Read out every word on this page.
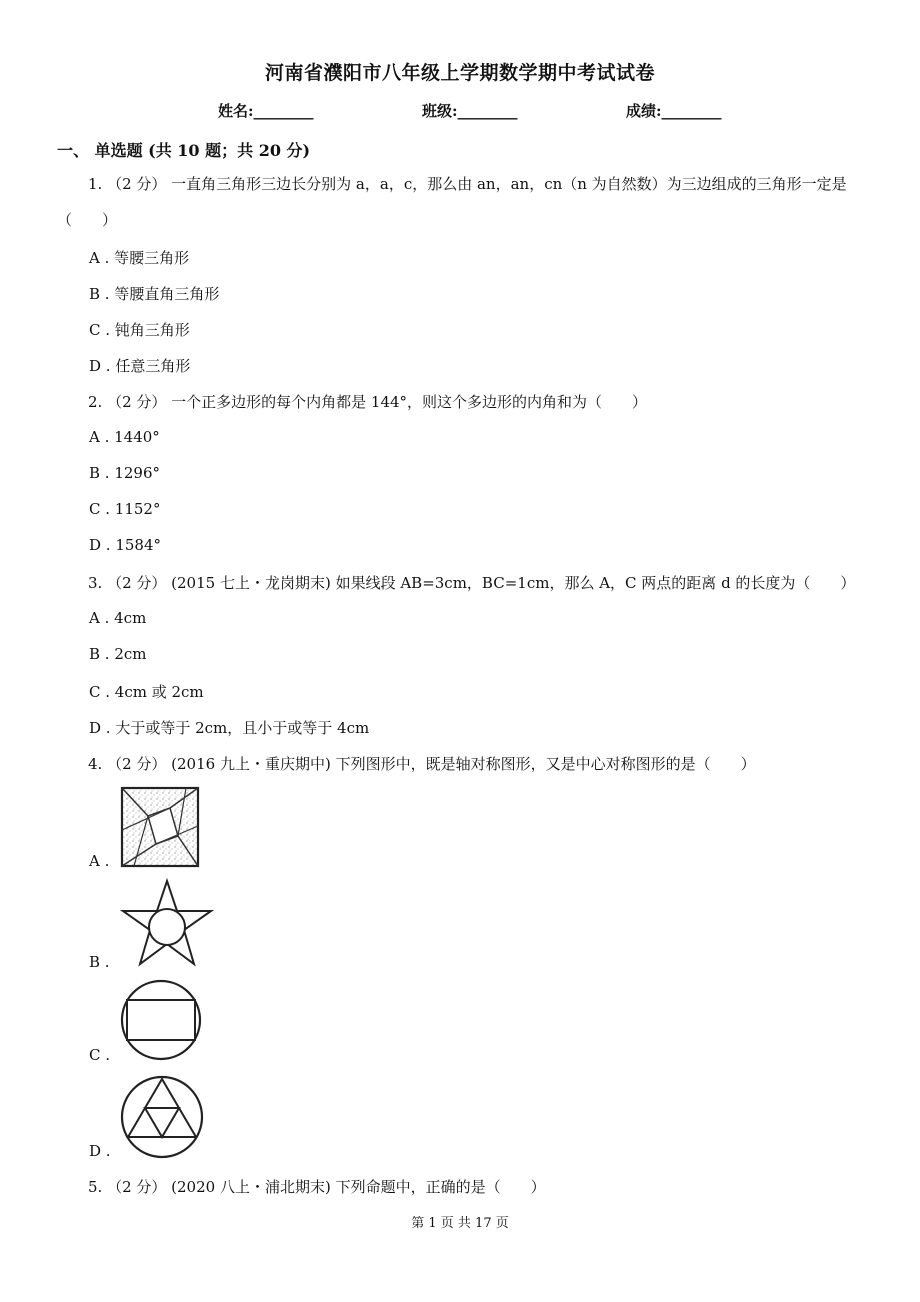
河南省濮阳市八年级上学期数学期中考试试卷
姓名:________	班级:________	成绩:________
一、 单选题 (共 10 题；共 20 分)
1. （2 分） 一直角三角形三边长分别为 a，a，c，那么由 an，an，cn（n 为自然数）为三边组成的三角形一定是（　　）
A . 等腰三角形
B . 等腰直角三角形
C . 钝角三角形
D . 任意三角形
2. （2 分） 一个正多边形的每个内角都是 144°，则这个多边形的内角和为（　　）
A . 1440°
B . 1296°
C . 1152°
D . 1584°
3. （2 分） (2015 七上・龙岗期末) 如果线段 AB=3cm，BC=1cm，那么 A，C 两点的距离 d 的长度为（　　）
A . 4cm
B . 2cm
C . 4cm 或 2cm
D . 大于或等于 2cm，且小于或等于 4cm
4. （2 分） (2016 九上・重庆期中) 下列图形中，既是轴对称图形，又是中心对称图形的是（　　）
A .
B .
C .
D .
5. （2 分） (2020 八上・浦北期末) 下列命题中，正确的是（　　）
第 1 页 共 17 页
